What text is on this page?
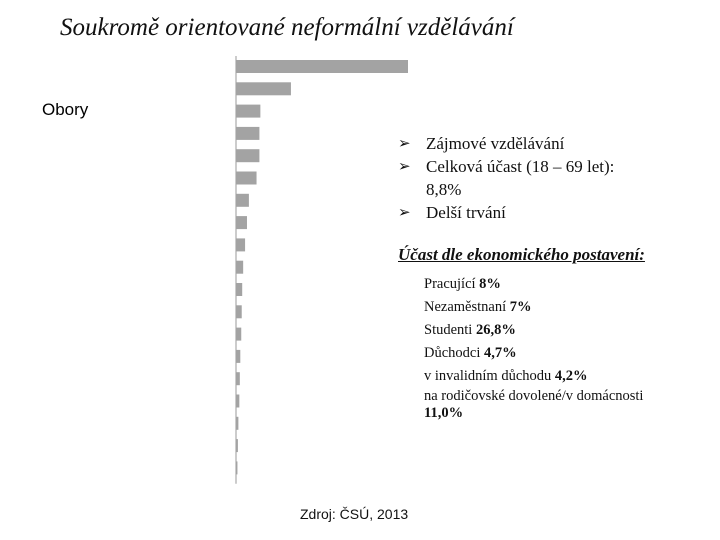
Soukromě orientované neformální vzdělávání
Obory
➢ Zájmové vzdělávání
➢ Celková účast (18 – 69 let):
8,8%
➢ Delší trvání
Účast dle ekonomického postavení:
Pracující 8%
Nezaměstnaní 7%
Studenti 26,8%
Důchodci 4,7%
v invalidním důchodu 4,2%
na rodičovské dovolené/v domácnosti
11,0%
Zdroj: ČSÚ, 2013
